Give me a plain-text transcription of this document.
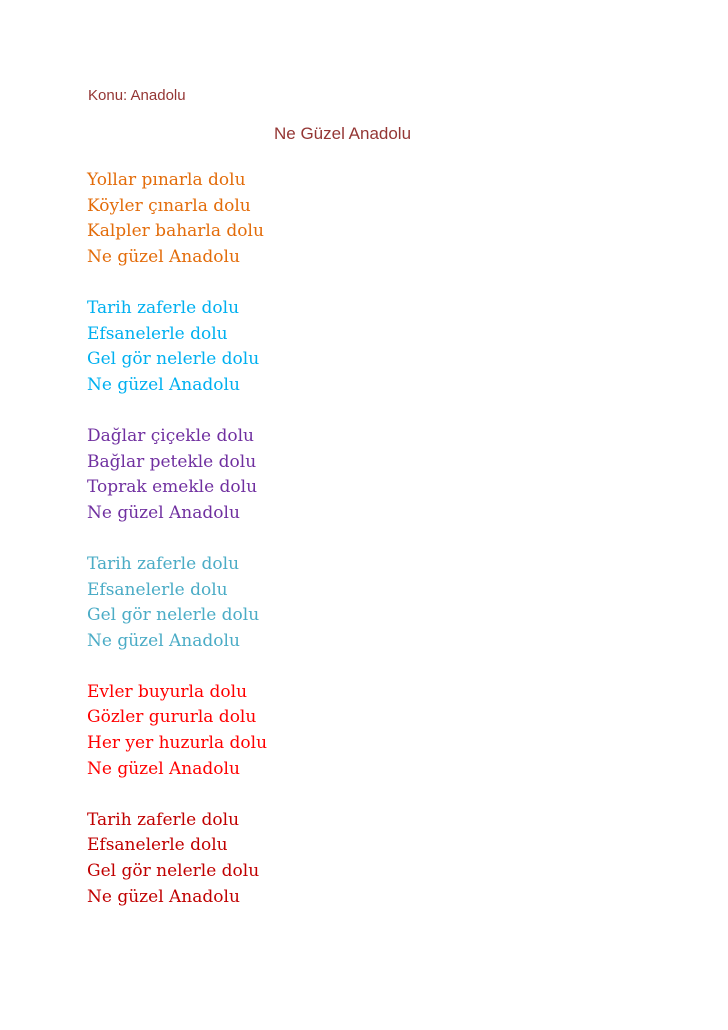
Konu: Anadolu
Ne Güzel Anadolu
Yollar pınarla dolu
Köyler çınarla dolu
Kalpler baharla dolu
Ne güzel Anadolu
Tarih zaferle dolu
Efsanelerle dolu
Gel gör nelerle dolu
Ne güzel Anadolu
Dağlar çiçekle dolu
Bağlar petekle dolu
Toprak emekle dolu
Ne güzel Anadolu
Tarih zaferle dolu
Efsanelerle dolu
Gel gör nelerle dolu
Ne güzel Anadolu
Evler buyurla dolu
Gözler gururla dolu
Her yer huzurla dolu
Ne güzel Anadolu
Tarih zaferle dolu
Efsanelerle dolu
Gel gör nelerle dolu
Ne güzel Anadolu
